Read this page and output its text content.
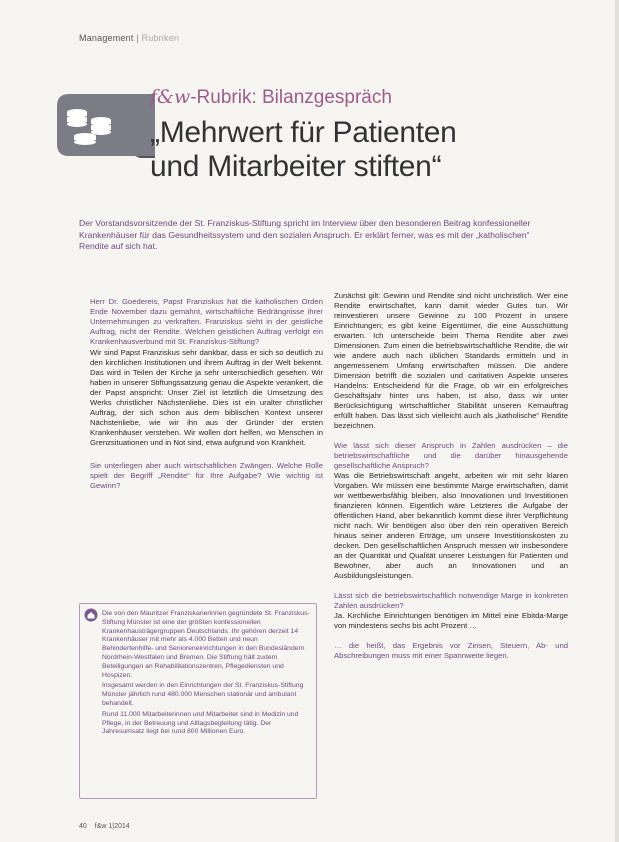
Management | Rubriken
f&w-Rubrik: Bilanzgespräch
„Mehrwert für Patienten
und Mitarbeiter stiften“
Der Vorstandsvorsitzende der St. Franziskus-Stiftung spricht im Interview über den besonderen Beitrag konfessioneller Krankenhäuser für das Gesundheitssystem und den sozialen Anspruch. Er erklärt ferner, was es mit der „katholischen“ Rendite auf sich hat.

Herr Dr. Goedereis, Papst Franziskus hat die katholischen Orden Ende November dazu gemahnt, wirtschaftliche Bedrängnisse ihrer Unternehmungen zu verkraften. Franziskus sieht in der geistliche Auftrag, nicht der Rendite. Welchen geistlichen Auftrag verfolgt ein Krankenhausverbund mit St. Franziskus-Stiftung?

Wir sind Papst Franziskus sehr dankbar, dass er sich so deutlich zu den kirchlichen Institutionen und ihrem Auftrag in der Welt bekennt. Das wird in Teilen der Kirche ja sehr unterschiedlich gesehen. Wir haben in unserer Stiftungssatzung genau die Aspekte verankert, die der Papst anspricht: Unser Ziel ist letztlich die Umsetzung des Werks christlicher Nächstenliebe. Dies ist ein uralter christlicher Auftrag, der sich schon aus dem biblischen Kontext unserer Nächstenliebe, wie wir ihn aus der Gründer der ersten Krankenhäuser verstehen. Wir wollen dort helfen, wo Menschen in Grenzsituationen und in Not sind, etwa aufgrund von Krankheit.

Sie unterliegen aber auch wirtschaftlichen Zwängen. Welche Rolle spielt der Begriff „Rendite“ für Ihre Aufgabe? Wie wichtig ist Gewinn?

Zunächst gilt: Gewinn und Rendite sind nicht unchristlich. Wer eine Rendite erwirtschaftet, kann damit wieder Gutes tun. Wir reinvestieren unsere Gewinne zu 100 Prozent in unsere Einrichtungen; es gibt keine Eigentümer, die eine Ausschüttung erwarten. Ich unterscheide beim Thema Rendite aber zwei Dimensionen. Zum einen die betriebswirtschaftliche Rendite, die wir wie andere auch nach üblichen Standards ermitteln und in angemessenem Umfang erwirtschaften müssen. Die andere Dimension betrifft die sozialen und caritativen Aspekte unseres Handelns: Entscheidend für die Frage, ob wir ein erfolgreiches Geschäftsjahr hinter uns haben, ist also, dass wir unter Berücksichtigung wirtschaftlicher Stabilität unseren Kernauftrag erfüllt haben. Das lässt sich vielleicht auch als „katholische“ Rendite bezeichnen.

Wie lässt sich dieser Anspruch in Zahlen ausdrücken – die betriebswirtschaftliche und die darüber hinausgehende gesellschaftliche Anspruch?

Was die Betriebswirtschaft angeht, arbeiten wir mit sehr klaren Vorgaben. Wir müssen eine bestimmte Marge erwirtschaften, damit wir wettbewerbsfähig bleiben, also Innovationen und Investitionen finanzieren können. Eigentlich wäre Letzteres die Aufgabe der öffentlichen Hand, aber bekanntlich kommt diese ihrer Verpflichtung nicht nach. Wir benötigen also über den rein operativen Bereich hinaus seiner anderen Erträge, um unsere Investitionskosten zu decken. Den gesellschaftlichen Anspruch messen wir insbesondere an der Quantität und Qualität unserer Leistungen für Patienten und Bewohner, aber auch an Innovationen und an Ausbildungsleistungen.

Lässt sich die betriebswirtschaftlich notwendige Marge in konkreten Zahlen ausdrücken?

Ja. Kirchliche Einrichtungen benötigen im Mittel eine Ebitda-Marge von mindestens sechs bis acht Prozent …

… die heißt, das Ergebnis vor Zinsen, Steuern, Ab- und Abschreibungen muss mit einer Spannweite liegen.

Die von den Mauritzer Franziskanerinnen gegründete St. Franziskus-Stiftung Münster ist eine der größten konfessionellen Krankenhausträgergruppen Deutschlands. Ihr gehören derzeit 14 Krankenhäuser mit mehr als 4.000 Betten und neun Behindertenhilfe- und Senioreneinrichtungen in den Bundesländern Nordrhein-Westfalen und Bremen. Die Stiftung hält zudem Beteiligungen an Rehabilitationszentren, Pflegediensten und Hospizen.

Insgesamt werden in den Einrichtungen der St. Franziskus-Stiftung Münster jährlich rund 480.000 Menschen stationär und ambulant behandelt.

Rund 11.000 Mitarbeiterinnen und Mitarbeiter sind in Medizin und Pflege, in der Betreuung und Alltagsbegleitung tätig. Der Jahresumsatz liegt bei rund 800 Millionen Euro.

40 f&w 1|2014
